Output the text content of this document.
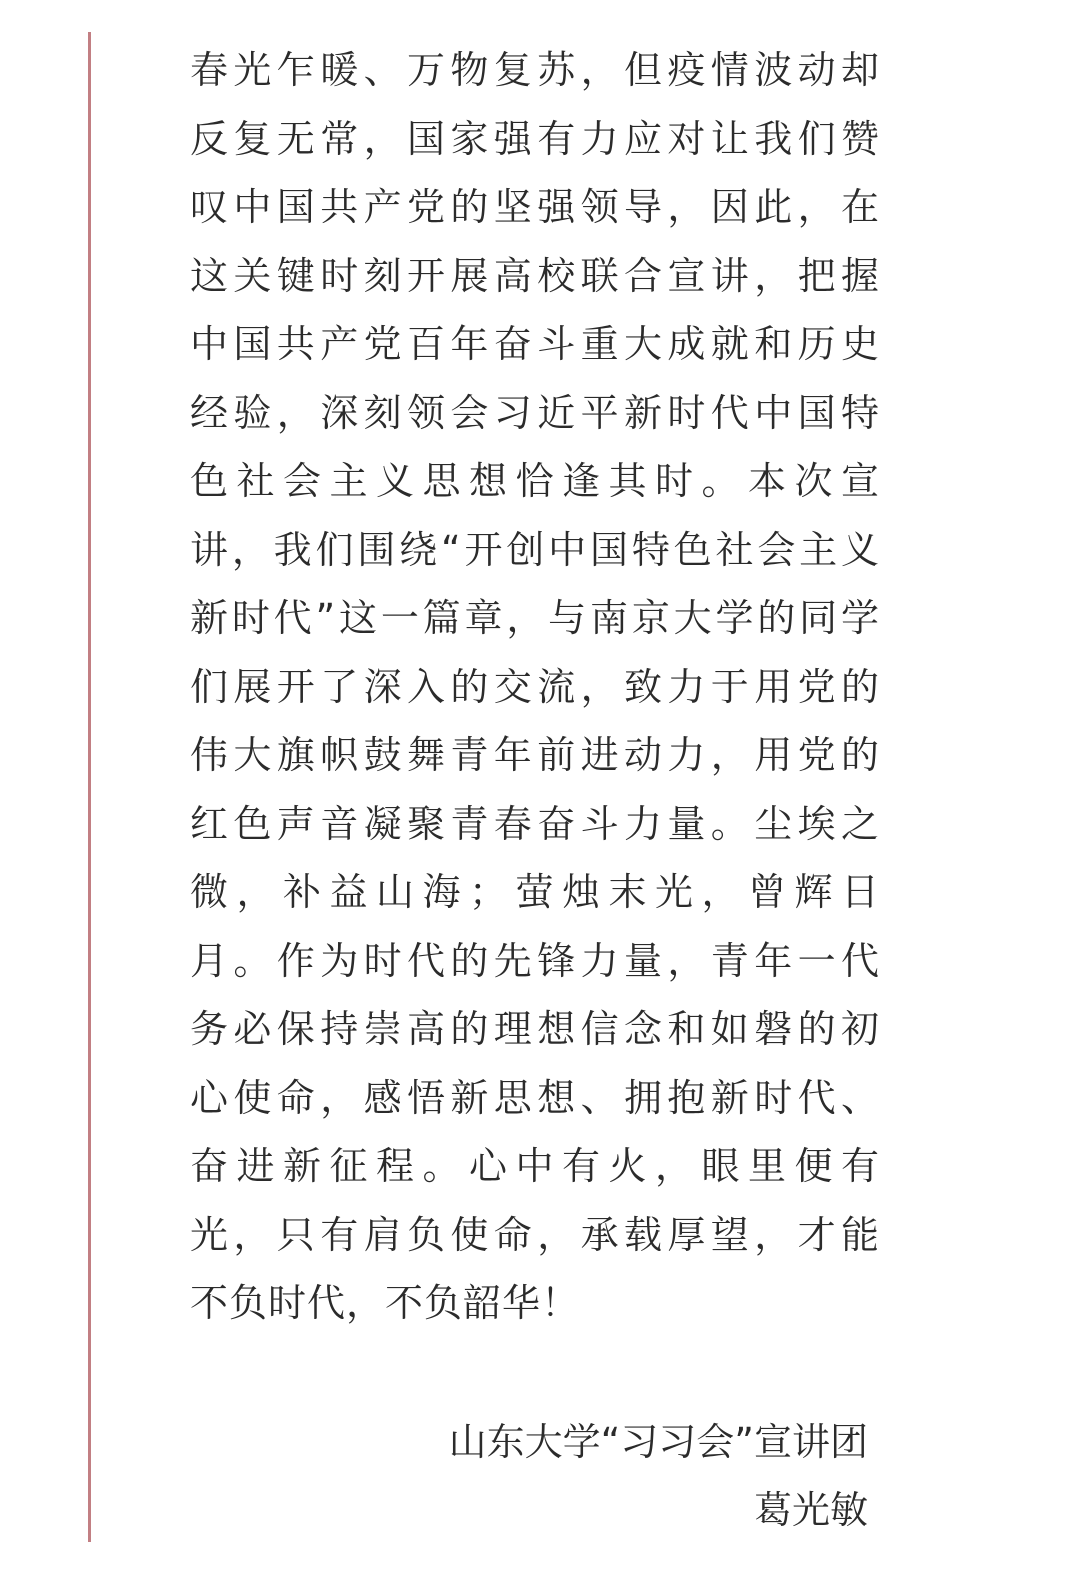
春光乍暖、万物复苏，但疫情波动却
反复无常，国家强有力应对让我们赞
叹中国共产党的坚强领导，因此，在
这关键时刻开展高校联合宣讲，把握
中国共产党百年奋斗重大成就和历史
经验，深刻领会习近平新时代中国特
色社会主义思想恰逢其时。本次宣
讲，我们围绕“开创中国特色社会主义
新时代”这一篇章，与南京大学的同学
们展开了深入的交流，致力于用党的
伟大旗帜鼓舞青年前进动力，用党的
红色声音凝聚青春奋斗力量。尘埃之
微，补益山海；萤烛末光，曾辉日
月。作为时代的先锋力量，青年一代
务必保持崇高的理想信念和如磐的初
心使命，感悟新思想、拥抱新时代、
奋进新征程。心中有火，眼里便有
光，只有肩负使命，承载厚望，才能
不负时代，不负韶华！
山东大学“习习会”宣讲团
葛光敏
